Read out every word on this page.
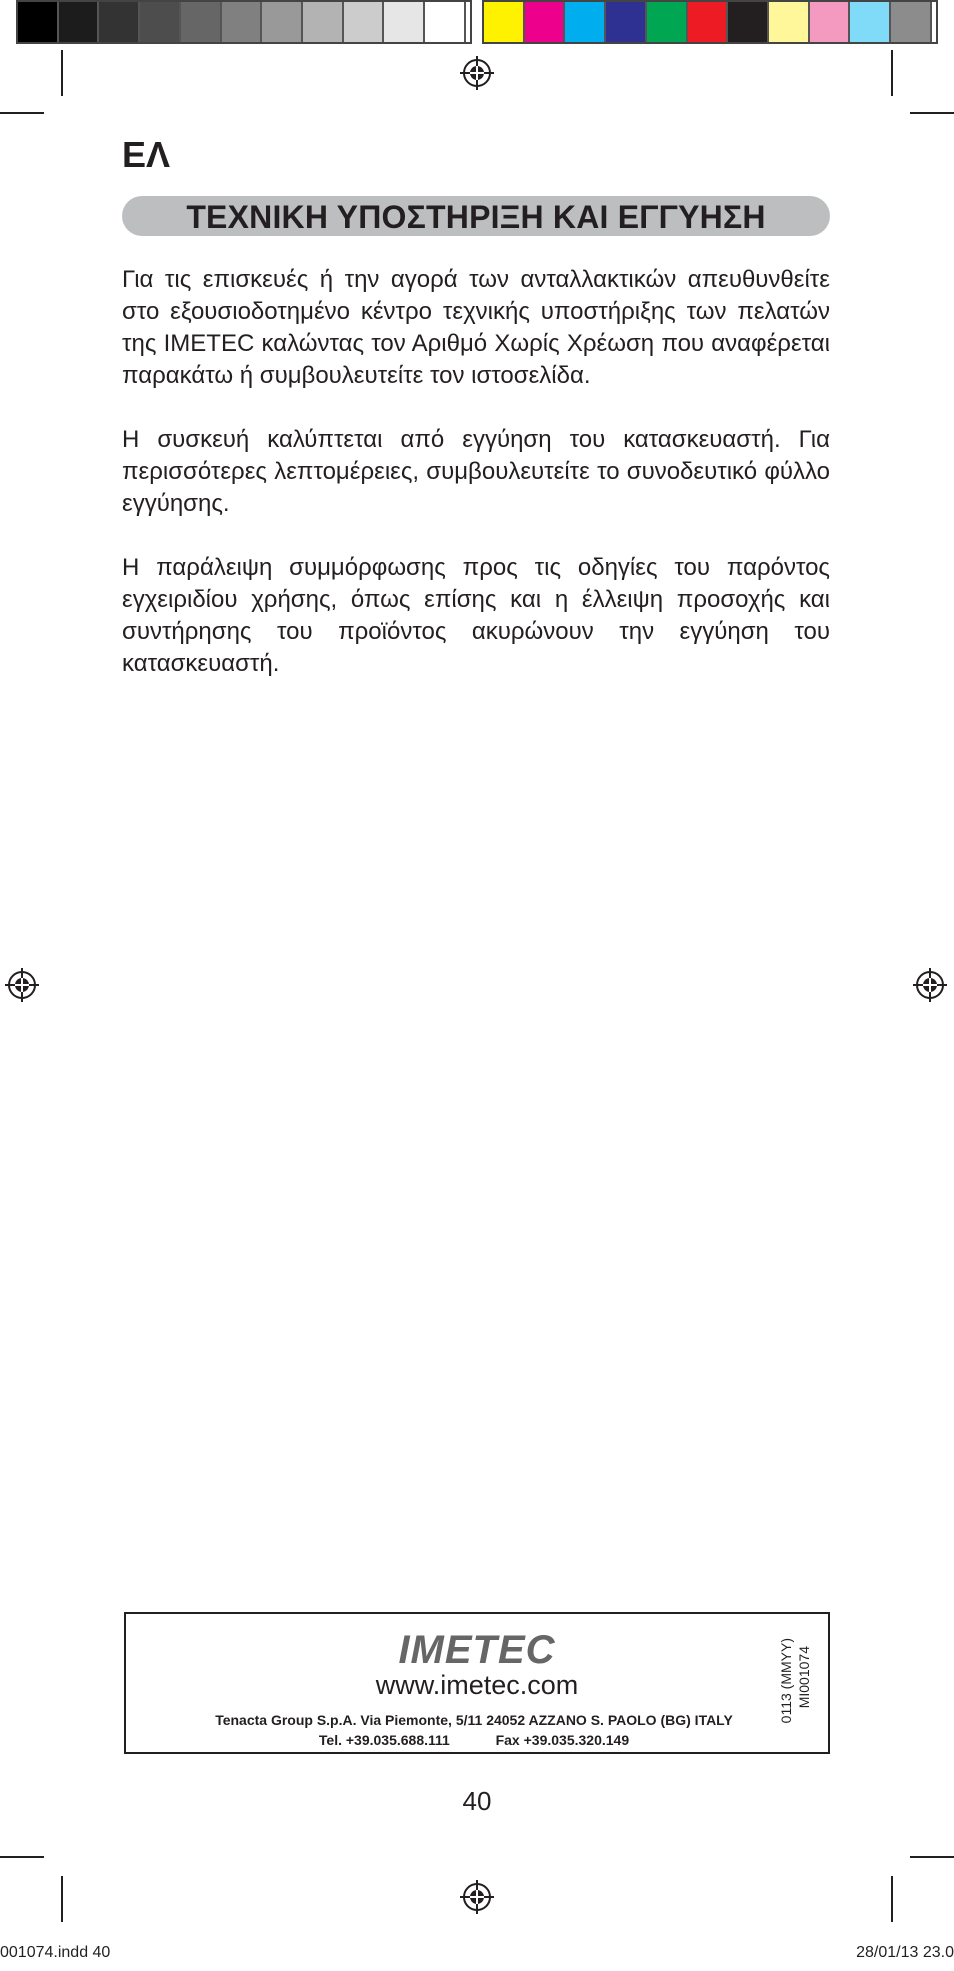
ΕΛ
ΤΕΧΝΙΚΗ ΥΠΟΣΤΗΡΙΞΗ ΚΑΙ ΕΓΓΥΗΣΗ
Για τις επισκευές ή την αγορά των ανταλλακτικών απευθυνθείτε στο εξουσιοδοτημένο κέντρο τεχνικής υποστήριξης των πελατών της IMETEC καλώντας τον Αριθμό Χωρίς Χρέωση που αναφέρεται παρακάτω ή συμβουλευτείτε τον ιστοσελίδα.
Η συσκευή καλύπτεται από εγγύηση του κατασκευαστή. Για περισσότερες λεπτομέρειες, συμβουλευτείτε το συνοδευτικό φύλλο εγγύησης.
Η παράλειψη συμμόρφωσης προς τις οδηγίες του παρόντος εγχειριδίου χρήσης, όπως επίσης και η έλλειψη προσοχής και συντήρησης του προϊόντος ακυρώνουν την εγγύηση του κατασκευαστή.
IMETEC
www.imetec.com
Tenacta Group S.p.A. Via Piemonte, 5/11 24052 AZZANO S. PAOLO (BG) ITALY
Tel. +39.035.688.111	Fax +39.035.320.149
MI001074
0113 (MMYY)
40
001074.indd 40	28/01/13 23.0
